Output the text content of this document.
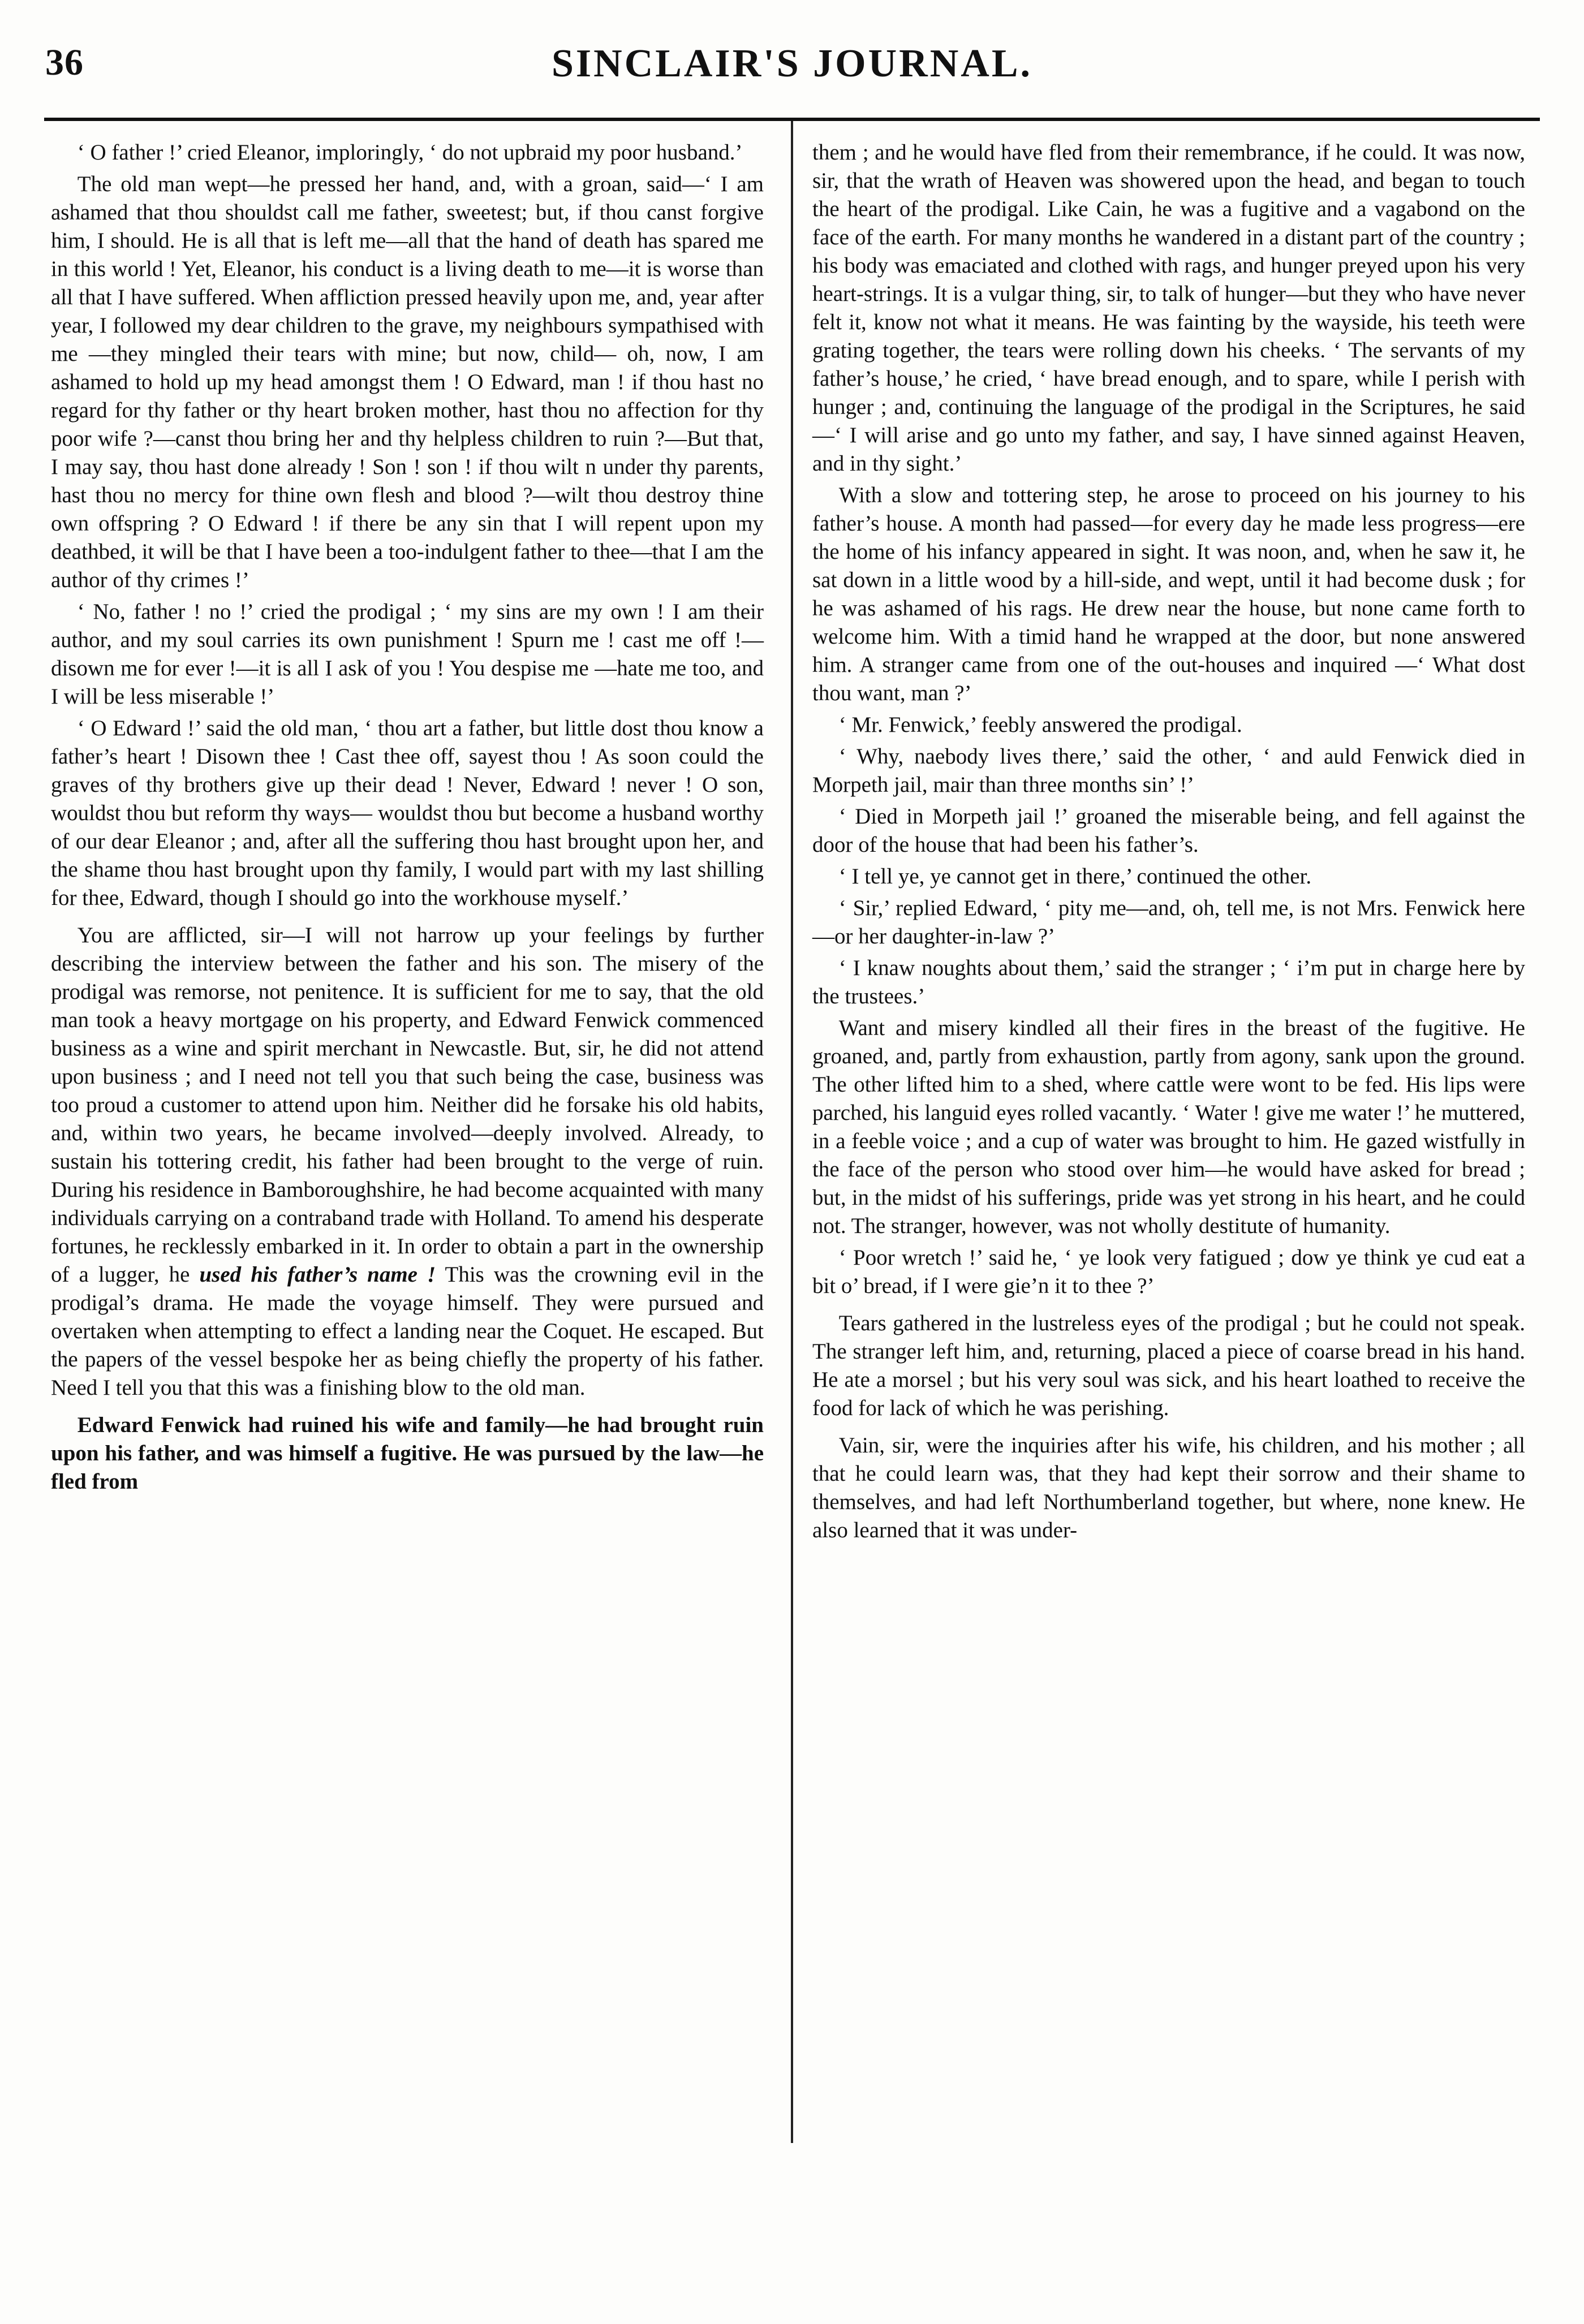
36	SINCLAIR'S JOURNAL.

‘ O father !’ cried Eleanor, imploringly, ‘ do not upbraid my poor husband.’

The old man wept—he pressed her hand, and, with a groan, said—‘ I am ashamed that thou shouldst call me father, sweetest; but, if thou canst forgive him, I should. He is all that is left me—all that the hand of death has spared me in this world ! Yet, Eleanor, his conduct is a living death to me—it is worse than all that I have suffered. When affliction pressed heavily upon me, and, year after year, I followed my dear children to the grave, my neighbours sympathised with me —they mingled their tears with mine; but now, child— oh, now, I am ashamed to hold up my head amongst them ! O Edward, man ! if thou hast no regard for thy father or thy heart broken mother, hast thou no affection for thy poor wife ?—canst thou bring her and thy helpless children to ruin ?—But that, I may say, thou hast done already ! Son ! son ! if thou wilt n under thy parents, hast thou no mercy for thine own flesh and blood ?—wilt thou destroy thine own offspring ? O Edward ! if there be any sin that I will repent upon my deathbed, it will be that I have been a too-indulgent father to thee—that I am the author of thy crimes !’

‘ No, father ! no !’ cried the prodigal ; ‘ my sins are my own ! I am their author, and my soul carries its own punishment ! Spurn me ! cast me off !—disown me for ever !—it is all I ask of you ! You despise me —hate me too, and I will be less miserable !’

‘ O Edward !’ said the old man, ‘ thou art a father, but little dost thou know a father’s heart ! Disown thee ! Cast thee off, sayest thou ! As soon could the graves of thy brothers give up their dead ! Never, Edward ! never ! O son, wouldst thou but reform thy ways— wouldst thou but become a husband worthy of our dear Eleanor ; and, after all the suffering thou hast brought upon her, and the shame thou hast brought upon thy family, I would part with my last shilling for thee, Edward, though I should go into the workhouse myself.’

You are afflicted, sir—I will not harrow up your feelings by further describing the interview between the father and his son. The misery of the prodigal was remorse, not penitence. It is sufficient for me to say, that the old man took a heavy mortgage on his property, and Edward Fenwick commenced business as a wine and spirit merchant in Newcastle. But, sir, he did not attend upon business ; and I need not tell you that such being the case, business was too proud a customer to attend upon him. Neither did he forsake his old habits, and, within two years, he became involved—deeply involved. Already, to sustain his tottering credit, his father had been brought to the verge of ruin. During his residence in Bamboroughshire, he had become acquainted with many individuals carrying on a contraband trade with Holland. To amend his desperate fortunes, he recklessly embarked in it. In order to obtain a part in the ownership of a lugger, he used his father’s name ! This was the crowning evil in the prodigal’s drama. He made the voyage himself. They were pursued and overtaken when attempting to effect a landing near the Coquet. He escaped. But the papers of the vessel bespoke her as being chiefly the property of his father. Need I tell you that this was a finishing blow to the old man.

Edward Fenwick had ruined his wife and family—he had brought ruin upon his father, and was himself a fugitive. He was pursued by the law—he fled from

them ; and he would have fled from their remembrance, if he could. It was now, sir, that the wrath of Heaven was showered upon the head, and began to touch the heart of the prodigal. Like Cain, he was a fugitive and a vagabond on the face of the earth. For many months he wandered in a distant part of the country ; his body was emaciated and clothed with rags, and hunger preyed upon his very heart-strings. It is a vulgar thing, sir, to talk of hunger—but they who have never felt it, know not what it means. He was fainting by the wayside, his teeth were grating together, the tears were rolling down his cheeks. ‘ The servants of my father’s house,’ he cried, ‘ have bread enough, and to spare, while I perish with hunger ; and, continuing the language of the prodigal in the Scriptures, he said—‘ I will arise and go unto my father, and say, I have sinned against Heaven, and in thy sight.’

With a slow and tottering step, he arose to proceed on his journey to his father’s house. A month had passed—for every day he made less progress—ere the home of his infancy appeared in sight. It was noon, and, when he saw it, he sat down in a little wood by a hill-side, and wept, until it had become dusk ; for he was ashamed of his rags. He drew near the house, but none came forth to welcome him. With a timid hand he wrapped at the door, but none answered him. A stranger came from one of the out-houses and inquired —‘ What dost thou want, man ?’

‘ Mr. Fenwick,’ feebly answered the prodigal.

‘ Why, naebody lives there,’ said the other, ‘ and auld Fenwick died in Morpeth jail, mair than three months sin’ !’

‘ Died in Morpeth jail !’ groaned the miserable being, and fell against the door of the house that had been his father’s.

‘ I tell ye, ye cannot get in there,’ continued the other.

‘ Sir,’ replied Edward, ‘ pity me—and, oh, tell me, is not Mrs. Fenwick here—or her daughter-in-law ?’

‘ I knaw noughts about them,’ said the stranger ; ‘ i’m put in charge here by the trustees.’

Want and misery kindled all their fires in the breast of the fugitive. He groaned, and, partly from exhaustion, partly from agony, sank upon the ground. The other lifted him to a shed, where cattle were wont to be fed. His lips were parched, his languid eyes rolled vacantly. ‘ Water ! give me water !’ he muttered, in a feeble voice ; and a cup of water was brought to him. He gazed wistfully in the face of the person who stood over him—he would have asked for bread ; but, in the midst of his sufferings, pride was yet strong in his heart, and he could not. The stranger, however, was not wholly destitute of humanity.

‘ Poor wretch !’ said he, ‘ ye look very fatigued ; dow ye think ye cud eat a bit o’ bread, if I were gie’n it to thee ?’

Tears gathered in the lustreless eyes of the prodigal ; but he could not speak. The stranger left him, and, returning, placed a piece of coarse bread in his hand. He ate a morsel ; but his very soul was sick, and his heart loathed to receive the food for lack of which he was perishing.

Vain, sir, were the inquiries after his wife, his children, and his mother ; all that he could learn was, that they had kept their sorrow and their shame to themselves, and had left Northumberland together, but where, none knew. He also learned that it was under-
